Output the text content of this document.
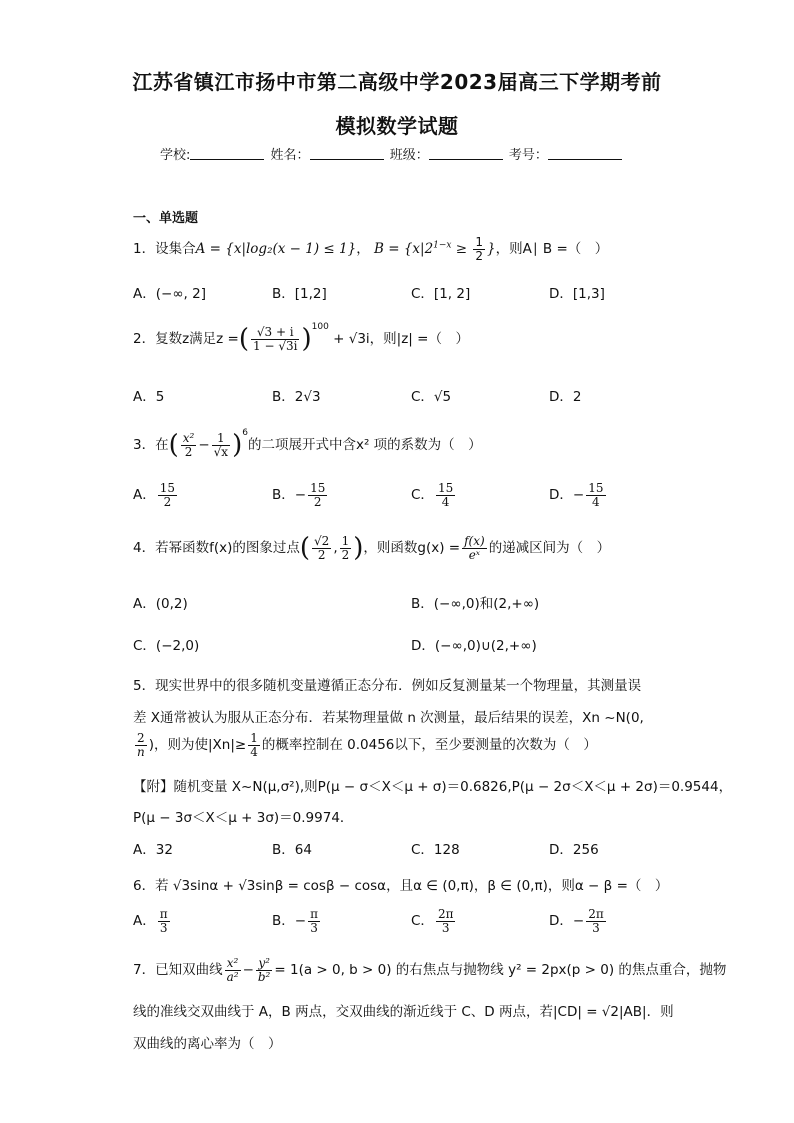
江苏省镇江市扬中市第二高级中学2023届高三下学期考前
模拟数学试题
学校:	姓名：	班级：	考号：
一、单选题
1．设集合A = {x|log₂(x − 1) ≤ 1}， $B = \{x|2^{1-x} \ge \frac{1}{2}$ }，则A∣ B =（　）
A．(−∞, 2]	B．[1,2]	C．[1, 2]	D．[1,3]
2．复数z满足z =( $\frac{√3 + i}{1 - √3i} )^{100} + √3i$，则|z| =（　）
A．5	B．2√3	C．√5	D．2
3．在( $\frac{\text{x²}}{2} - \frac{1}{√x} )^6$的二项展开式中含x² 项的系数为（　）
A． $\frac{15}{2}$	B．− $\frac{15}{2}$	C． $\frac{15}{4}$	D．− $\frac{15}{4}$
4．若幂函数f(x)的图象过点( $\frac{√2}{2}$ , $\frac{1}{2}$ )，则函数$g(x) = \frac{f(x)}{\text{eˣ}}$ 的递减区间为（　）
A．(0,2)	B．(−∞,0)和(2,+∞)
C．(−2,0)	D．(−∞,0)∪(2,+∞)
5．现实世界中的很多随机变量遵循正态分布．例如反复测量某一个物理量，其测量误
差 X通常被认为服从正态分布．若某物理量做 n 次测量，最后结果的误差，Xn ~N(0,
$\frac{2}{n}$ )，则为使$|Xn|\ge \frac{1}{4}$ 的概率控制在 0.0456以下，至少要测量的次数为（　）
【附】随机变量 X~N(μ,σ²),则P(μ − σ＜X＜μ + σ)＝0.6826,P(μ − 2σ＜X＜μ + 2σ)＝0.9544，
P(μ − 3σ＜X＜μ + 3σ)＝0.9974．
A．32	B．64	C．128	D．256
6．若 √3sinα + √3sinβ = cosβ − cosα，且α ∈ (0,π)，β ∈ (0,π)，则α − β =（　）
A． $\frac{\pi}{3}$	B．− $\frac{\pi}{3}$	C． $\frac{2\pi}{3}$	D．− $\frac{2\pi}{3}$
7．已知双曲线 $\frac{\text{x²}}{\text{a²}} - \frac{\text{y²}}{\text{b²}} = 1(a > 0$, b > 0) 的右焦点与抛物线 y² = 2px(p > 0) 的焦点重合，抛物
线的准线交双曲线于 A，B 两点，交双曲线的渐近线于 C、D 两点，若|CD| = √2|AB|．则
双曲线的离心率为（　）
